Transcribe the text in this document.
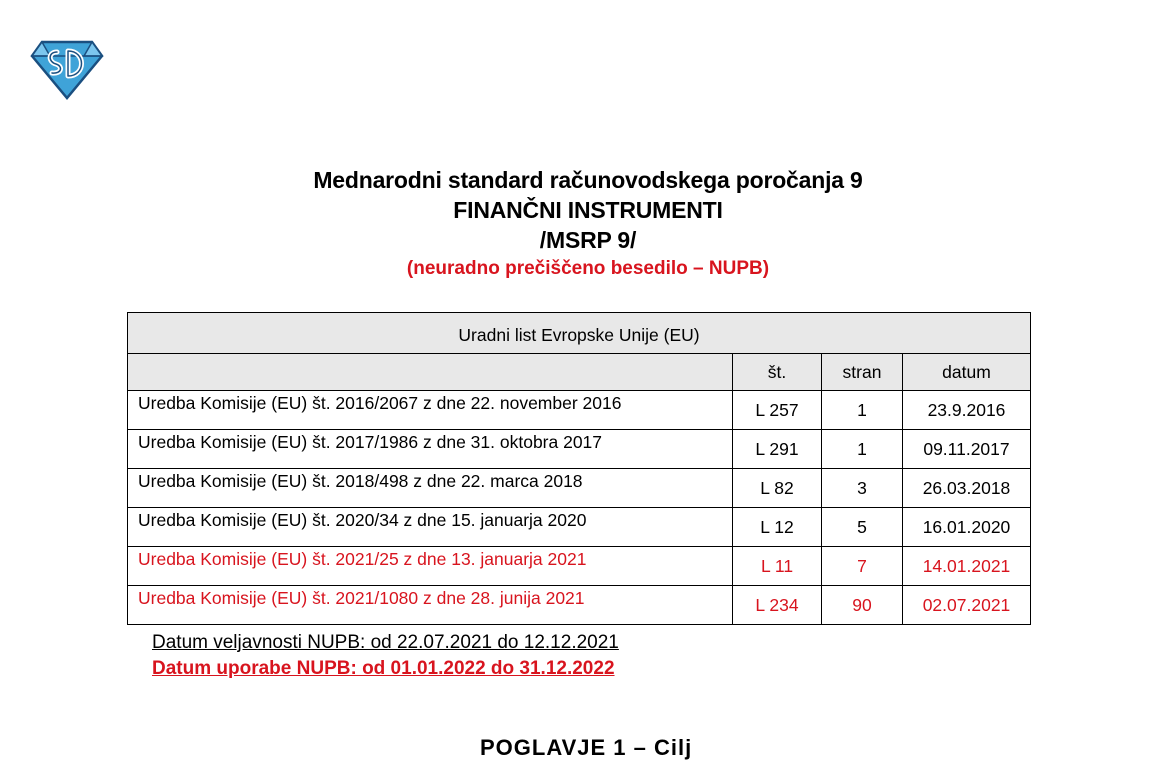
Mednarodni standard računovodskega poročanja 9
FINANČNI INSTRUMENTI
/MSRP 9/
(neuradno prečiščeno besedilo – NUPB)
Uradni list Evropske Unije (EU)			
	št.	stran	datum
Uredba Komisije (EU) št. 2016/2067 z dne 22. november 2016	L 257	1	23.9.2016
Uredba Komisije (EU) št. 2017/1986 z dne 31. oktobra 2017	L 291	1	09.11.2017
Uredba Komisije (EU) št. 2018/498 z dne 22. marca 2018	L 82	3	26.03.2018
Uredba Komisije (EU) št. 2020/34 z dne 15. januarja 2020	L 12	5	16.01.2020
Uredba Komisije (EU) št. 2021/25 z dne 13. januarja 2021	L 11	7	14.01.2021
Uredba Komisije (EU) št. 2021/1080 z dne 28. junija 2021	L 234	90	02.07.2021
Datum veljavnosti NUPB: od 22.07.2021 do 12.12.2021
Datum uporabe NUPB: od 01.01.2022 do 31.12.2022
POGLAVJE 1 – Cilj
